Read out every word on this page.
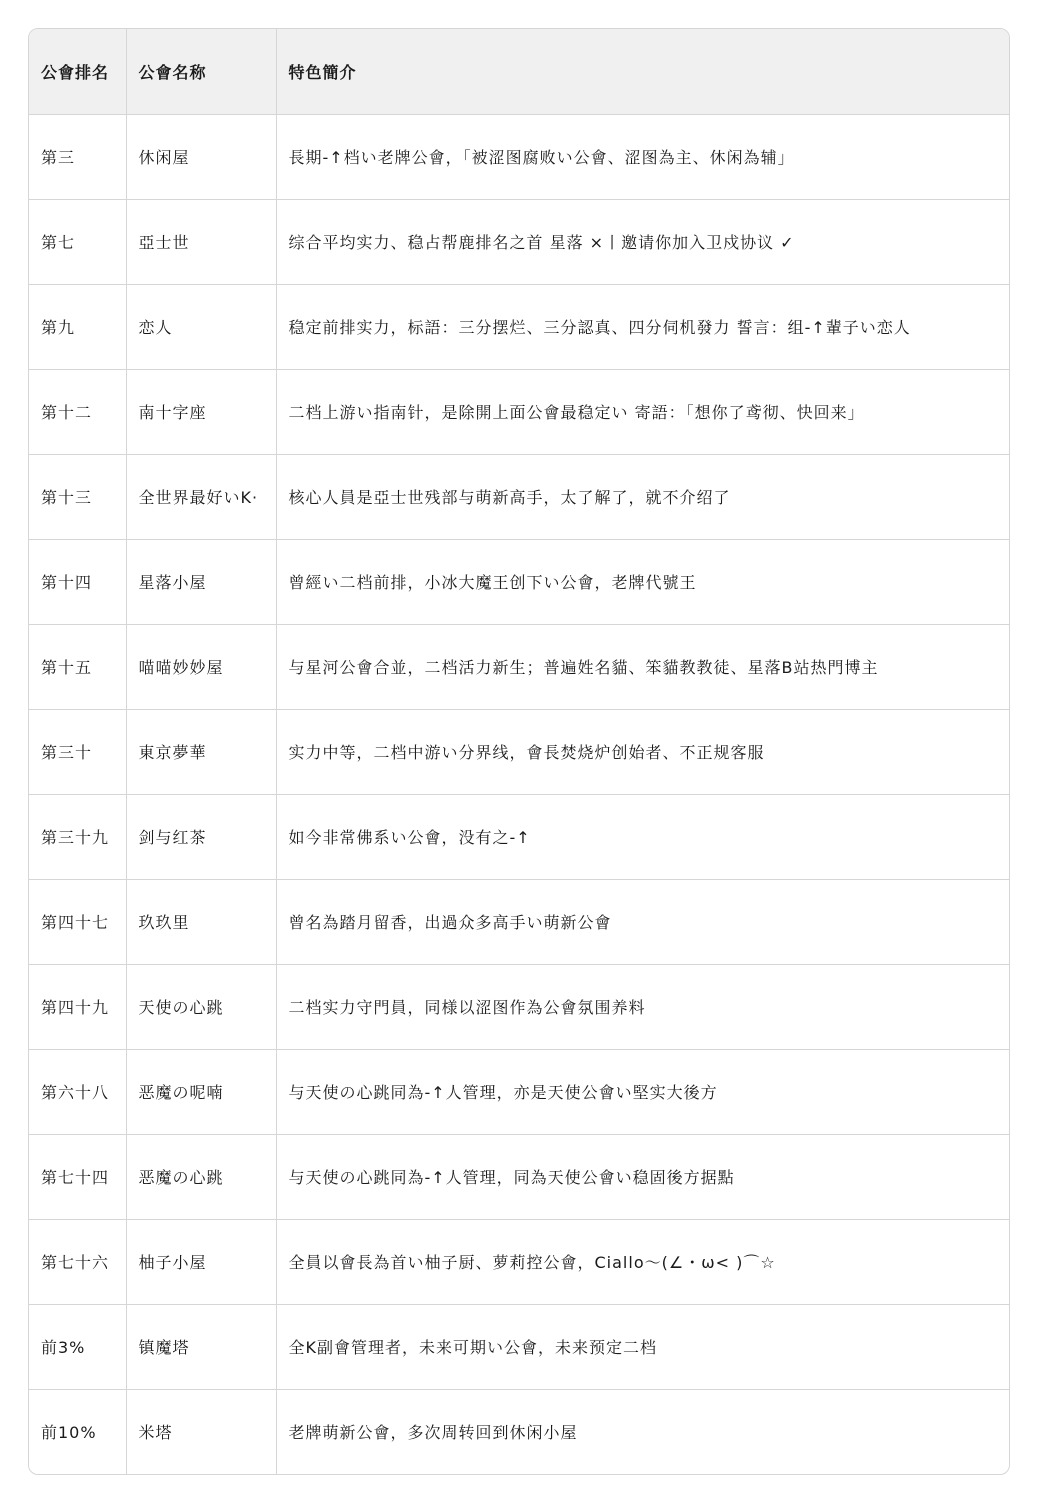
公會排名	公會名称	特色簡介
第三	休闲屋	長期-↑档い老牌公會，「被涩图腐败い公會、涩图為主、休闲為辅」
第七	亞士世	综合平均实力、稳占帮鹿排名之首 星落 ×丨邀请你加入卫戍协议 ✓
第九	恋人	稳定前排实力，标語：三分摆烂、三分認真、四分伺机發力 誓言：组-↑輩子い恋人
第十二	南十字座	二档上游い指南针，是除開上面公會最稳定い 寄語：「想你了鸢彻、快回来」
第十三	全世界最好いK·	核心人員是亞士世残部与萌新高手，太了解了，就不介绍了
第十四	星落小屋	曾經い二档前排，小冰大魔王创下い公會，老牌代號王
第十五	喵喵妙妙屋	与星河公會合並，二档活力新生；普遍姓名貓、笨貓教教徒、星落B站热門博主
第三十	東京夢華	实力中等，二档中游い分界线，會長焚烧炉创始者、不正规客服
第三十九	剑与红茶	如今非常佛系い公會，没有之-↑
第四十七	玖玖里	曾名為踏月留香，出過众多高手い萌新公會
第四十九	天使の心跳	二档实力守門員，同様以涩图作為公會氛围养料
第六十八	恶魔の呢喃	与天使の心跳同為-↑人管理，亦是天使公會い堅实大後方
第七十四	恶魔の心跳	与天使の心跳同為-↑人管理，同為天使公會い稳固後方据點
第七十六	柚子小屋	全員以會長為首い柚子厨、萝莉控公會，Ciallo～(∠・ω< )⌒☆
前3%	镇魔塔	全K副會管理者，未来可期い公會，未来预定二档
前10%	米塔	老牌萌新公會，多次周转回到休闲小屋
